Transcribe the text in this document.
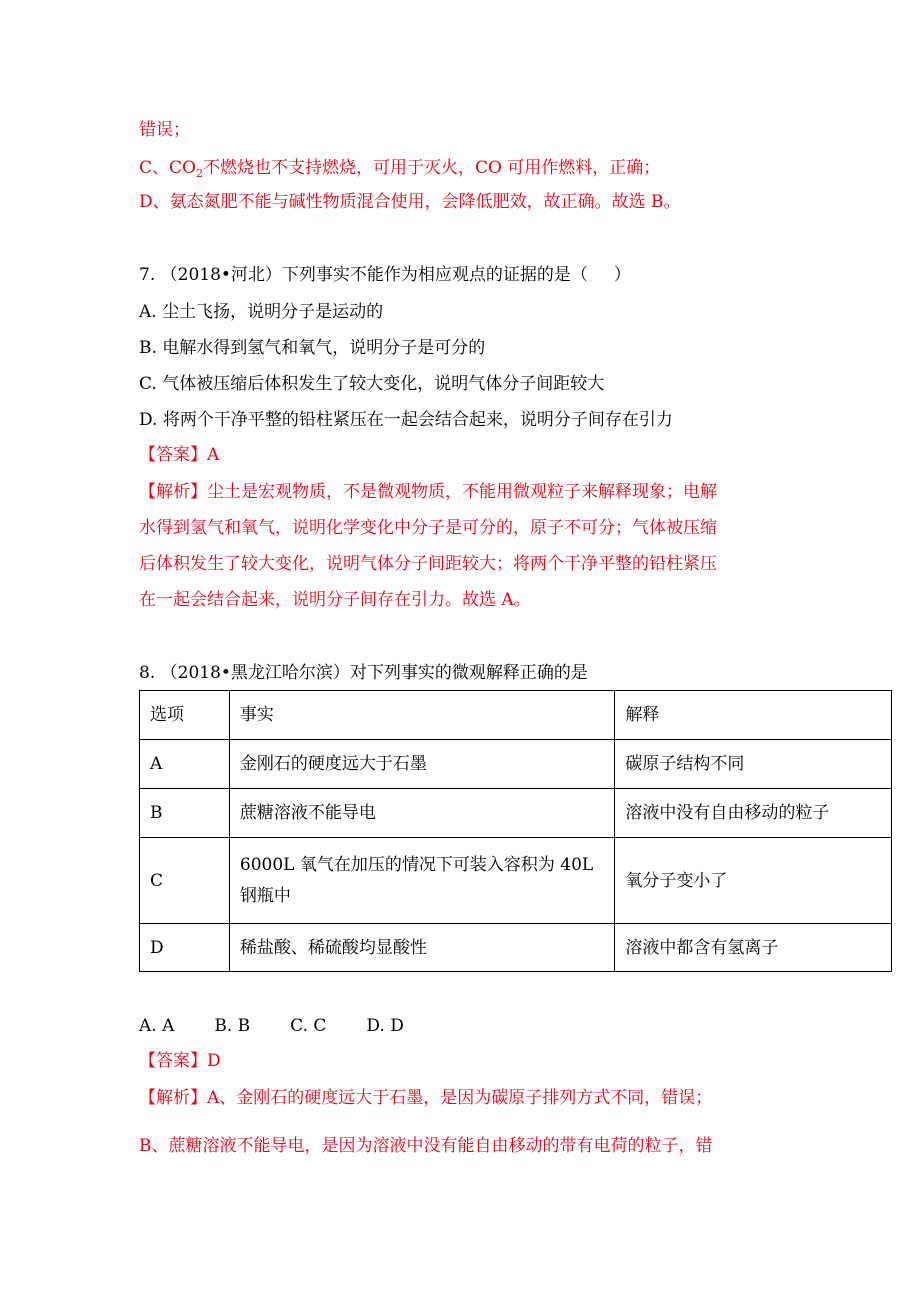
错误；
C、$CO_2$不燃烧也不支持燃烧，可用于灭火，CO 可用作燃料，正确；
D、氨态氮肥不能与碱性物质混合使用，会降低肥效，故正确。故选 B。
7. （2018•河北）下列事实不能作为相应观点的证据的是（ ）
A. 尘土飞扬，说明分子是运动的
B. 电解水得到氢气和氧气，说明分子是可分的
C. 气体被压缩后体积发生了较大变化，说明气体分子间距较大
D. 将两个干净平整的铅柱紧压在一起会结合起来，说明分子间存在引力
【答案】A
【解析】尘土是宏观物质，不是微观物质，不能用微观粒子来解释现象；电解
水得到氢气和氧气，说明化学变化中分子是可分的，原子不可分；气体被压缩
后体积发生了较大变化，说明气体分子间距较大；将两个干净平整的铅柱紧压
在一起会结合起来，说明分子间存在引力。故选 A。
8. （2018•黑龙江哈尔滨）对下列事实的微观解释正确的是
选项	事实	解释
A	金刚石的硬度远大于石墨	碳原子结构不同
B	蔗糖溶液不能导电	溶液中没有自由移动的粒子
C	6000L 氧气在加压的情况下可装入容积为 40L
钢瓶中	氧分子变小了
D	稀盐酸、稀硫酸均显酸性	溶液中都含有氢离子
A. A B. B C. C D. D
【答案】D
【解析】A、金刚石的硬度远大于石墨，是因为碳原子排列方式不同，错误；
B、蔗糖溶液不能导电，是因为溶液中没有能自由移动的带有电荷的粒子，错
